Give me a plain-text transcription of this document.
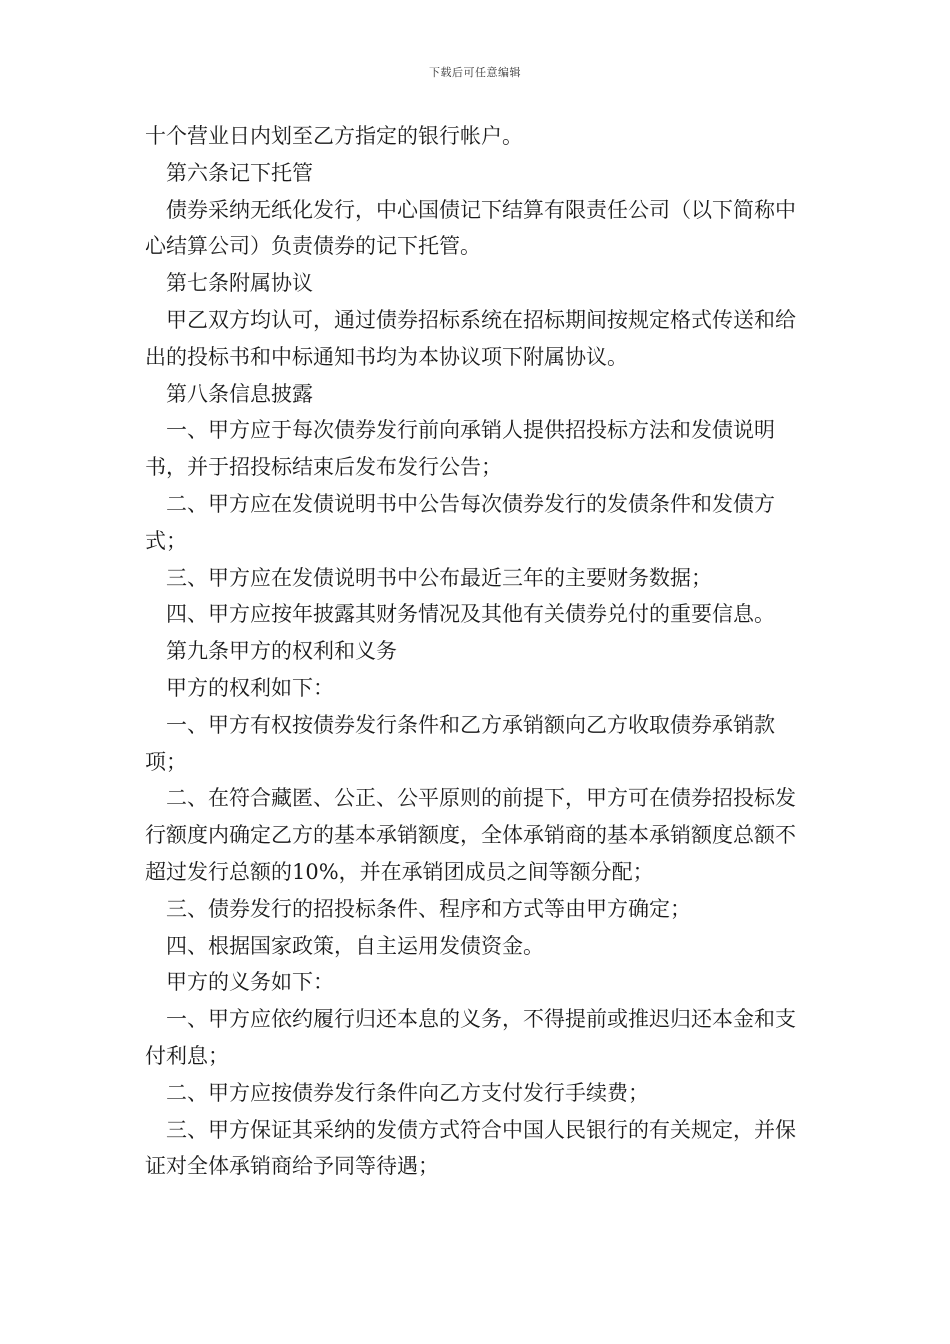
下载后可任意编辑

十个营业日内划至乙方指定的银行帐户。

第六条记下托管

债券采纳无纸化发行，中心国债记下结算有限责任公司（以下简称中心结算公司）负责债券的记下托管。

第七条附属协议

甲乙双方均认可，通过债券招标系统在招标期间按规定格式传送和给出的投标书和中标通知书均为本协议项下附属协议。

第八条信息披露

一、甲方应于每次债券发行前向承销人提供招投标方法和发债说明书，并于招投标结束后发布发行公告；

二、甲方应在发债说明书中公告每次债券发行的发债条件和发债方式；

三、甲方应在发债说明书中公布最近三年的主要财务数据；

四、甲方应按年披露其财务情况及其他有关债券兑付的重要信息。

第九条甲方的权利和义务

甲方的权利如下：

一、甲方有权按债券发行条件和乙方承销额向乙方收取债券承销款项；

二、在符合藏匿、公正、公平原则的前提下，甲方可在债券招投标发行额度内确定乙方的基本承销额度，全体承销商的基本承销额度总额不超过发行总额的10%，并在承销团成员之间等额分配；

三、债券发行的招投标条件、程序和方式等由甲方确定；

四、根据国家政策，自主运用发债资金。

甲方的义务如下：

一、甲方应依约履行归还本息的义务，不得提前或推迟归还本金和支付利息；

二、甲方应按债券发行条件向乙方支付发行手续费；

三、甲方保证其采纳的发债方式符合中国人民银行的有关规定，并保证对全体承销商给予同等待遇；
